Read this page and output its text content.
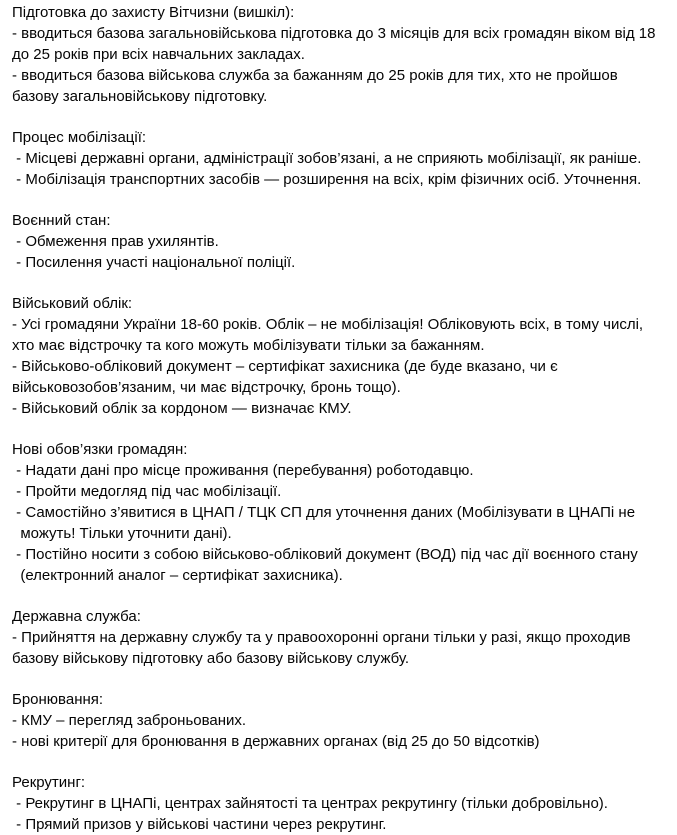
Підготовка до захисту Вітчизни (вишкіл):
- вводиться базова загальновійськова підготовка до 3 місяців для всіх громадян віком від 18
до 25 років при всіх навчальних закладах.
- вводиться базова військова служба за бажанням до 25 років для тих, хто не пройшов
базову загальновійськову підготовку.
Процес мобілізації:
- Місцеві державні органи, адміністрації зобов’язані, а не сприяють мобілізації, як раніше.
- Мобілізація транспортних засобів — розширення на всіх, крім фізичних осіб. Уточнення.
Воєнний стан:
- Обмеження прав ухилянтів.
- Посилення участі національної поліції.
Військовий облік:
- Усі громадяни України 18-60 років. Облік – не мобілізація! Обліковують всіх, в тому числі,
хто має відстрочку та кого можуть мобілізувати тільки за бажанням.
- Військово-обліковий документ – сертифікат захисника (де буде вказано, чи є
військовозобов’язаним, чи має відстрочку, бронь тощо).
- Військовий облік за кордоном — визначає КМУ.
Нові обов’язки громадян:
- Надати дані про місце проживання (перебування) роботодавцю.
- Пройти медогляд під час мобілізації.
- Самостійно з’явитися в ЦНАП / ТЦК СП для уточнення даних (Мобілізувати в ЦНАПі не
можуть! Тільки уточнити дані).
- Постійно носити з собою військово-обліковий документ (ВОД) під час дії воєнного стану
(електронний аналог – сертифікат захисника).
Державна служба:
- Прийняття на державну службу та у правоохоронні органи тільки у разі, якщо проходив
базову військову підготовку або базову військову службу.
Бронювання:
- КМУ – перегляд заброньованих.
- нові критерії для бронювання в державних органах (від 25 до 50 відсотків)
Рекрутинг:
- Рекрутинг в ЦНАПі, центрах зайнятості та центрах рекрутингу (тільки добровільно).
- Прямий призов у військові частини через рекрутинг.
